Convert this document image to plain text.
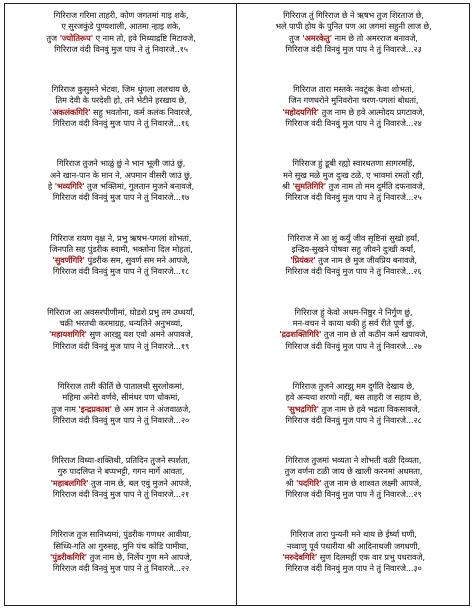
गिरिराज गरिमा ताहरी, कोण जगतमां गाइ शके,
ए सुरजकुंडे पुण्यशाली, आतमा न्हाइ शके,
तुज 'ज्योतिरूप' ए नाम तो, हवे मिथ्याद्रष्टि मिटावजे,
गिरिराज वंदी विनवुं मुज पाप ने तुं निवारजे..१५
गिरिराज कुसुमने भेटवा, जिम धुंगला ललचाय छे,
तिम देवी के परदेशी हो, तने भेटीने हरखाय छे,
'अकलंकगिरि' सहु भवतोना, कर्म कलंक निवारजे,
गिरिराज वंदी विनवुं मुज पाप ने तुं निवारजे...१६
गिरिराज तुजने भाळुं छुं ने भान भूली जाउं छुं,
अने खान-पान के मान ने, अपमान वीसरी जाउं छुं,
हे 'भव्यगिरि' तुज भक्तिमां, गुलतान मुजने बनावजे,
गिरिराज वंदी विनवुं मुज पाप ने तुं निवारजे...१७
गिरिराज रायण वृक्ष ने, प्रभु ऋषभ-पगलां शोभतां,
जिनपति सह पुंडरीक स्वामी, भक्तोना दिल मोहतां,
'सुवर्णगिरि' पुंडरीक सम, सुवर्ण सम मने आपजे,
गिरिराज वंदी विनवुं मुज पाप ने तुं निवारजे...१८
गिरिराज आ अवसरपीणीमां, घोडशे प्रभु तम उध्धर्यां,
चक्री भरतथी करमाग्रह, धन्यतिने अनुभव्यां,
'महायशगिरि' सुण आरझु यश एवो अमने अपावजे,
गिरिराज वंदी विनवुं मुज पाप ने तुं निवारजे...१९
गिरिराज तारी कीर्ति छे पातालथी सुरलोकमां,
महिमा अनेरो वर्णवे, सीमंधर पण धोकमां,
तुज नाम 'इन्द्रप्रकाश' छे अम ज्ञान ने अंजवाळजे,
गिरिराज वंदी विनवुं मुज पाप ने तुं निवारजे...२०
गिरिराज विध्या-शक्तिथी, प्रतिदिन तुजने स्पर्शता,
गुरु पादलिप्त ने बप्पभट्टी, गगन मार्गे आवता,
'महाबलगिरि' तुज नाम छे, बल एवुं मुजने आपजे,
गिरिराज वंदी विनवुं मुज पाप ने तुं निवारजे...२१
गिरिराज तुज सानिध्यमां, पुंडरीक गणधर आवीया,
सिध्धि-गति आ गुरुसह, मुनि पंच कोडि पामीया,
'पुंडरीकगिरि' तुज नाम छे, निर्लेप गुण मने आपजे,
गिरिराज वंदी विनवुं मुज पाप ने तुं निवारजे...२२
गिरिराज तुं गिरिराज छे ने ऋषभ तुज शिरताज छे,
भले पापी होय के पुनित पण आ जगमां सहुनी लाज छे,
तुज 'अमरकेतु' नाम छे तो अमरराज बनावजे,
गिरिराज वंदी विनवुं मुज पाप ने तुं निवारजे...२३
गिरिराज तारा मस्तके नवटूंक केवा शोभतां,
जिन गणधरोने मुनिवरोना चरण-पगलां बोधतां,
'महोदयगिरि' तुज नाम छे हवे आत्मोदय प्रगटावजे,
गिरिराज वंदी विनवुं मुज पाप ने तुं निवारजे...२४
गिरिराज हुं डूबी रह्यो स्वारथतणा सागरमहिं,
मने सुख मळे मुज दुःख टळे, ए भावमां रमतो रही,
श्री 'सुमतिगिरि' तुज नाम तो मम दुर्मति दफनावजे,
गिरिराज वंदी विनवुं मुज पाप ने तुं निवारजे...२५
गिरिराज में आ शुं कर्युं जीव सृष्टिनां सुखो हर्यां,
इन्द्रिय-सुखने पोषवा सहु जीवने दुःखी कर्यां,
'प्रियंकर' तुज नाम छे मुज जीवप्रिय बनावजे,
गिरिराज वंदी विनवुं मुज पाप ने तुं निवारजे...२६
गिरिराज हुं केवो अधम-निष्ठुर ने निर्गुण छुं,
मन-वचन ने काया थकी हुं सर्व रीते पूर्ण छुं,
'द्रढशक्तिगिरि' तुज नाम छे तो कठीन कर्म खपावजे,
गिरिराज वंदी विनवुं मुज पाप ने तुं निवारजे...२७
गिरिराज तुजने आरझु मम दुर्गति देखाय छे,
हवे अन्यथा शरणो नहीं, बस ताहरी ज सहाय छे,
'सुभद्रगिरि' तुज नाम छे हवे भद्रता विकसावजे,
गिरिराज वंदी विनवुं मुज पाप ने तुं निवारजे...२८
गिरिराज तुजमां भव्यता ने शोभती वळी दिव्यता,
तुज वर्णना टळी जाय छे खाली करनमां अधमता,
श्री 'पदगिरि' तुज नाम छे शाश्वत लक्ष्मी आपजे,
गिरिराज वंदी विनवुं मुज पाप ने तुं निवारजे...२९
गिरिराज तारा पुन्यनी मने थाय छे ईर्ष्या घणी,
नव्वाणु पूर्व पधारीया श्री आदिनाथजी जगधणी,
'मरुदेवगिरि' सुण दिलमहीं एक वार प्रभु पधरावजे,
गिरिराज वंदी विनवुं मुज पाप ने तुं निवारजे...३०
